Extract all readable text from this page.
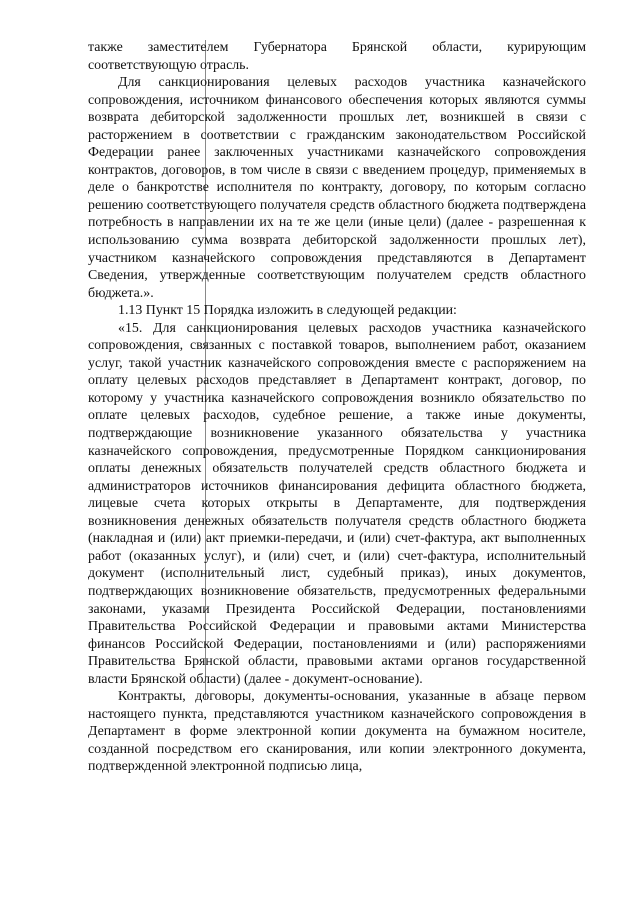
также заместителем Губернатора Брянской области, курирующим соответствующую отрасль.

Для санкционирования целевых расходов участника казначейского сопровождения, источником финансового обеспечения которых являются суммы возврата дебиторской задолженности прошлых лет, возникшей в связи с расторжением в соответствии с гражданским законодательством Российской Федерации ранее заключенных участниками казначейского сопровождения контрактов, договоров, в том числе в связи с введением процедур, применяемых в деле о банкротстве исполнителя по контракту, договору, по которым согласно решению соответствующего получателя средств областного бюджета подтверждена потребность в направлении их на те же цели (иные цели) (далее - разрешенная к использованию сумма возврата дебиторской задолженности прошлых лет), участником казначейского сопровождения представляются в Департамент Сведения, утвержденные соответствующим получателем средств областного бюджета.».

1.13 Пункт 15 Порядка изложить в следующей редакции:

«15. Для санкционирования целевых расходов участника казначейского сопровождения, связанных с поставкой товаров, выполнением работ, оказанием услуг, такой участник казначейского сопровождения вместе с распоряжением на оплату целевых расходов представляет в Департамент контракт, договор, по которому у участника казначейского сопровождения возникло обязательство по оплате целевых расходов, судебное решение, а также иные документы, подтверждающие возникновение указанного обязательства у участника казначейского сопровождения, предусмотренные Порядком санкционирования оплаты денежных обязательств получателей средств областного бюджета и администраторов источников финансирования дефицита областного бюджета, лицевые счета которых открыты в Департаменте, для подтверждения возникновения денежных обязательств получателя средств областного бюджета (накладная и (или) акт приемки-передачи, и (или) счет-фактура, акт выполненных работ (оказанных услуг), и (или) счет, и (или) счет-фактура, исполнительный документ (исполнительный лист, судебный приказ), иных документов, подтверждающих возникновение обязательств, предусмотренных федеральными законами, указами Президента Российской Федерации, постановлениями Правительства Российской Федерации и правовыми актами Министерства финансов Российской Федерации, постановлениями и (или) распоряжениями Правительства Брянской области, правовыми актами органов государственной власти Брянской области) (далее - документ-основание).

Контракты, договоры, документы-основания, указанные в абзаце первом настоящего пункта, представляются участником казначейского сопровождения в Департамент в форме электронной копии документа на бумажном носителе, созданной посредством его сканирования, или копии электронного документа, подтвержденной электронной подписью лица,
